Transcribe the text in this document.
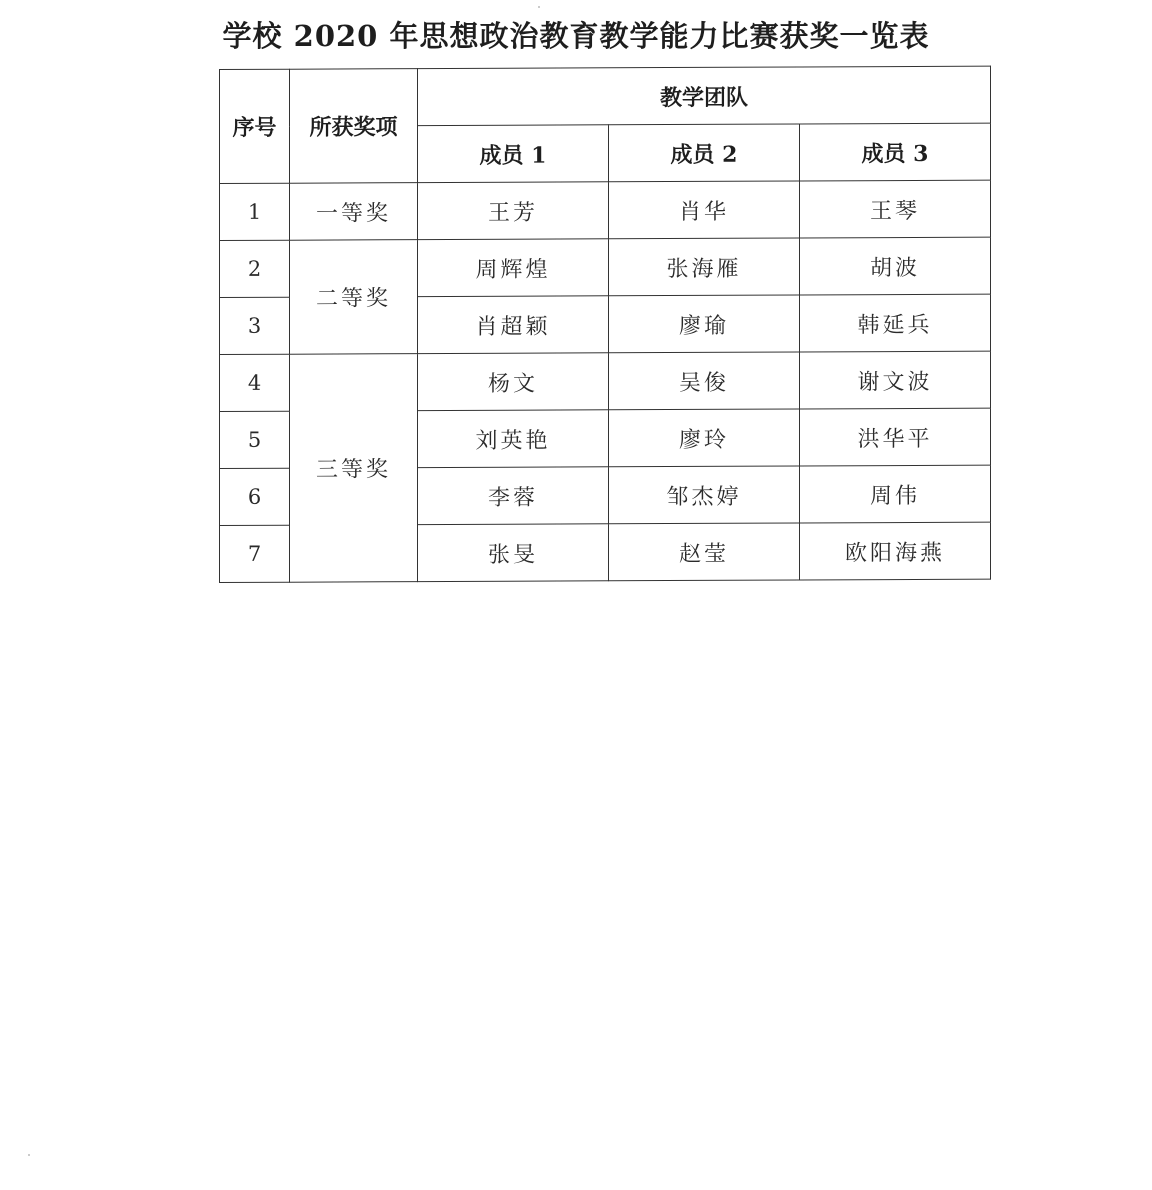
学校 2020 年思想政治教育教学能力比赛获奖一览表
序号	所获奖项	教学团队		
		成员 1	成员 2	成员 3
1	一等奖	王芳	肖华	王琴
2	二等奖	周辉煌	张海雁	胡波
3		肖超颖	廖瑜	韩延兵
4	三等奖	杨文	吴俊	谢文波
5		刘英艳	廖玲	洪华平
6		李蓉	邹杰婷	周伟
7		张旻	赵莹	欧阳海燕
